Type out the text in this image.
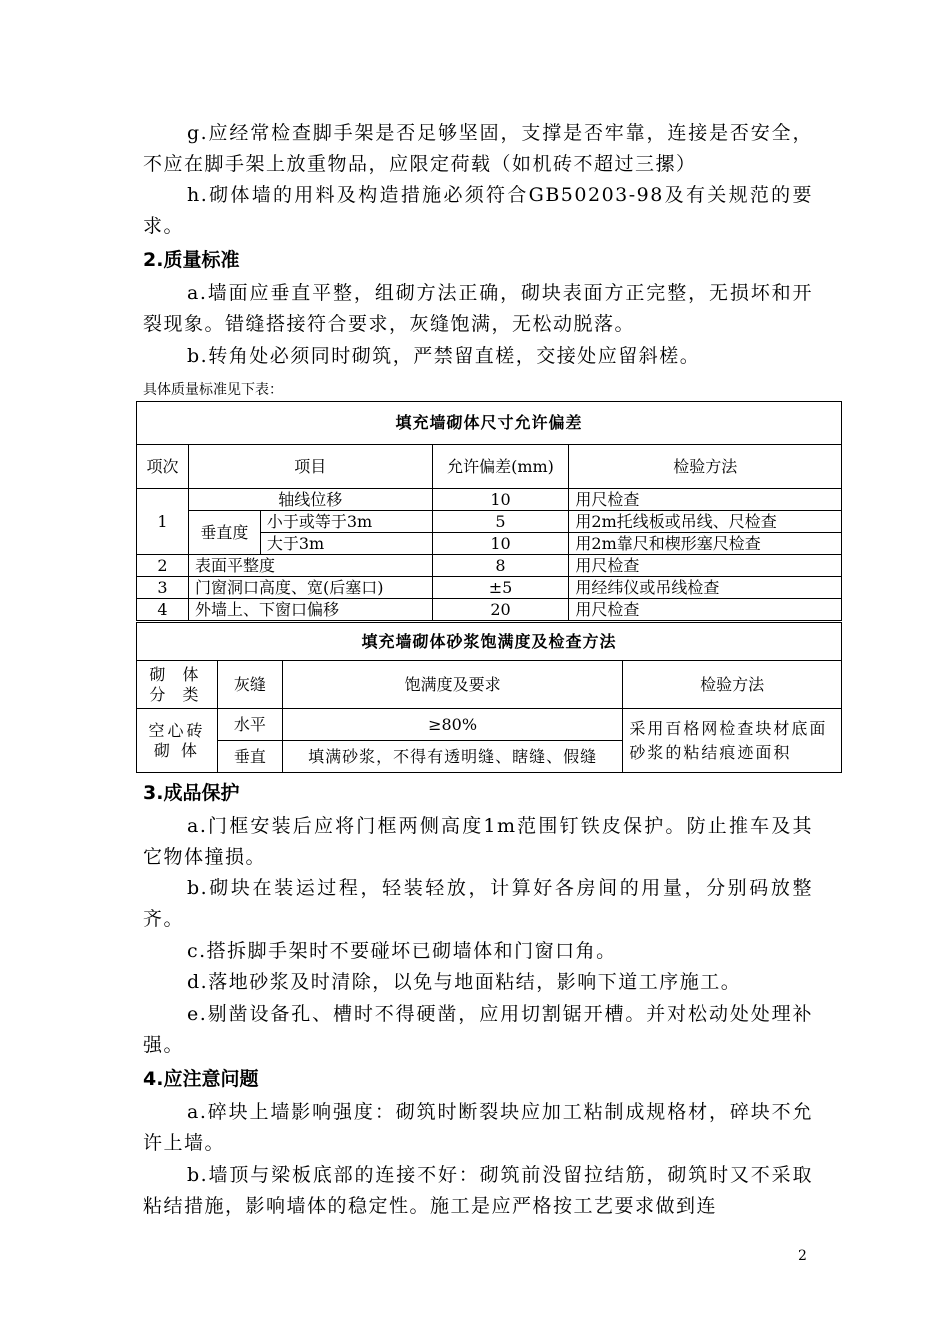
g.应经常检查脚手架是否足够坚固，支撑是否牢靠，连接是否安全，不应在脚手架上放重物品，应限定荷载（如机砖不超过三摞）

h.砌体墙的用料及构造措施必须符合GB50203-98及有关规范的要求。

2.质量标准

a.墙面应垂直平整，组砌方法正确，砌块表面方正完整，无损坏和开裂现象。错缝搭接符合要求，灰缝饱满，无松动脱落。

b.转角处必须同时砌筑，严禁留直槎，交接处应留斜槎。

具体质量标准见下表：

填充墙砌体尺寸允许偏差				
项次	项目		允许偏差(mm)	检验方法
1	轴线位移		10	用尺检查
	垂直度	小于或等于3m	5	用2m托线板或吊线、尺检查
		大于3m	10	用2m靠尺和楔形塞尺检查
2	表面平整度		8	用尺检查
3	门窗洞口高度、宽(后塞口)		±5	用经纬仪或吊线检查
4	外墙上、下窗口偏移		20	用尺检查
填充墙砌体砂浆饱满度及检查方法			
砌 体分 类	灰缝	饱满度及要求	检验方法
空心砖砌 体	水平	≥80%	采用百格网检查块材底面砂浆的粘结痕迹面积
	垂直	填满砂浆，不得有透明缝、瞎缝、假缝	
3.成品保护

a.门框安装后应将门框两侧高度1m范围钉铁皮保护。防止推车及其它物体撞损。

b.砌块在装运过程，轻装轻放，计算好各房间的用量，分别码放整齐。

c.搭拆脚手架时不要碰坏已砌墙体和门窗口角。

d.落地砂浆及时清除，以免与地面粘结，影响下道工序施工。

e.剔凿设备孔、槽时不得硬凿，应用切割锯开槽。并对松动处处理补强。

4.应注意问题

a.碎块上墙影响强度：砌筑时断裂块应加工粘制成规格材，碎块不允许上墙。

b.墙顶与梁板底部的连接不好：砌筑前没留拉结筋，砌筑时又不采取粘结措施，影响墙体的稳定性。施工是应严格按工艺要求做到连

2
